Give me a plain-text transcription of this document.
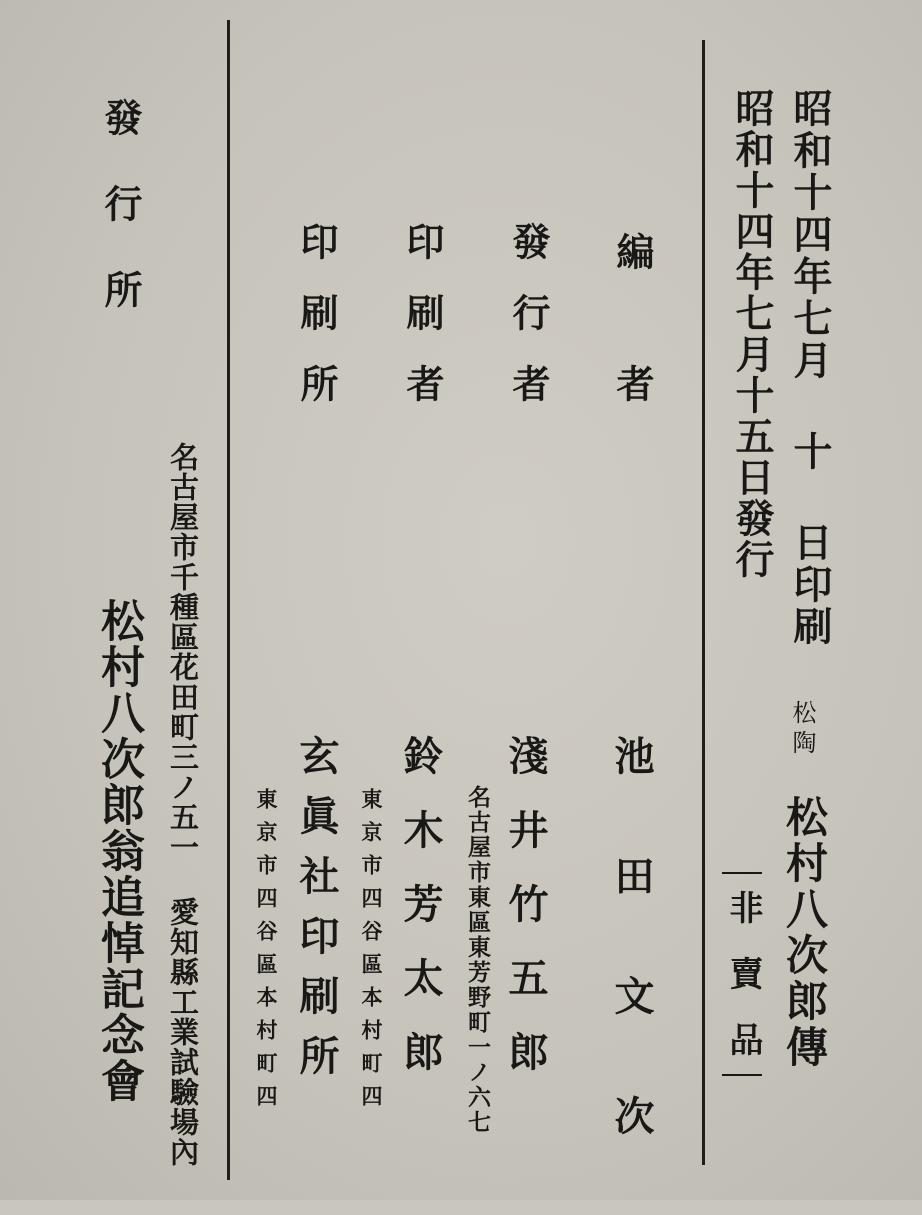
昭和十四年七月 十 日印刷
昭和十四年七月十五日發行
松陶
松村八次郎傳
非賣品
編者
池田文次
發行者
名古屋市東區東芳野町一ノ六七 淺井竹五郎
印刷者
東京市四谷區本村町四 鈴木芳太郎
印刷所
東京市四谷區本村町四 玄眞社印刷所
發行所
名古屋市千種區花田町三ノ五一 愛知縣工業試驗場內
松村八次郎翁追悼記念會
